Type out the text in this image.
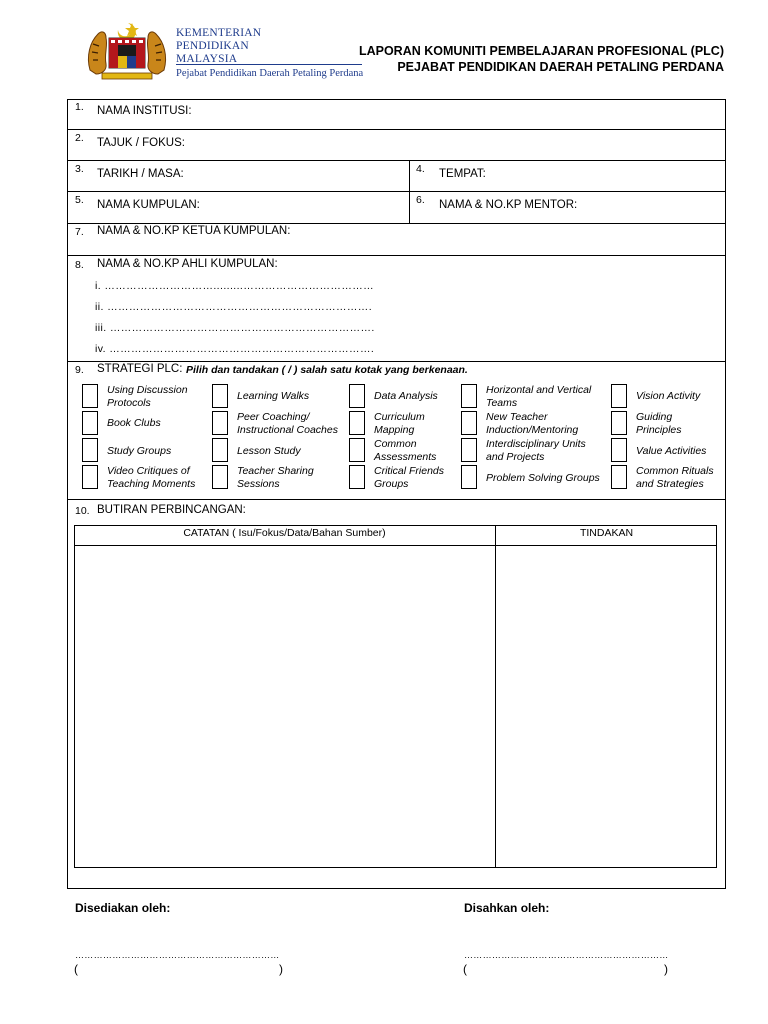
KEMENTERIAN
PENDIDIKAN
MALAYSIA
Pejabat Pendidikan Daerah Petaling Perdana
LAPORAN KOMUNITI PEMBELAJARAN PROFESIONAL (PLC)
PEJABAT PENDIDIKAN DAERAH PETALING PERDANA
1. NAMA INSTITUSI:
2. TAJUK / FOKUS:
3. TARIKH / MASA:	4. TEMPAT:
5. NAMA KUMPULAN:	6. NAMA & NO.KP MENTOR:
7. NAMA & NO.KP KETUA KUMPULAN:
8. NAMA & NO.KP AHLI KUMPULAN:
i. ………………………….........………………………………
ii. ……………………………………………………………….
iii. ……………………………………………………………….
iv. ……………………………………………………………….
9. STRATEGI PLC: Pilih dan tandakan ( / ) salah satu kotak yang berkenaan.
Using Discussion Protocols
Book Clubs
Study Groups
Video Critiques of Teaching Moments
Learning Walks
Peer Coaching/ Instructional Coaches
Lesson Study
Teacher Sharing Sessions
Data Analysis
Curriculum Mapping
Common Assessments
Critical Friends Groups
Horizontal and Vertical Teams
New Teacher Induction/Mentoring
Interdisciplinary Units and Projects
Problem Solving Groups
Vision Activity
Guiding Principles
Value Activities
Common Rituals and Strategies
10. BUTIRAN PERBINCANGAN:
CATATAN ( Isu/Fokus/Data/Bahan Sumber)	TINDAKAN
Disediakan oleh:	Disahkan oleh:
…………………………………………………………	…………………………………………………………
(	)	(	)
